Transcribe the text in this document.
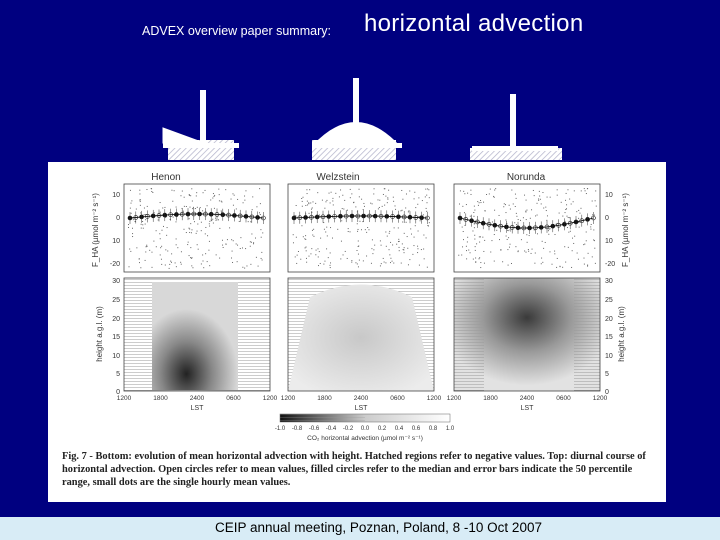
ADVEX overview paper summary: horizontal advection
Henon	Welzstein	Norunda
10
0
10
-20
10
0
10
-20
30
25
20
15
10
5
0
30
25
20
15
10
5
0
F_HA (µmol m⁻² s⁻¹)	F_HA (µmol m⁻² s⁻¹)
height a.g.l. (m)	height a.g.l. (m)
1200	1800	2400	0600	1200 1200	1800	2400	0600	1200 1200	1800	2400	0600	1200
LST	LST	LST
-1.0 -0.8 -0.6 -0.4 -0.2 0.0 0.2 0.4 0.6 0.8 1.0
CO₂ horizontal advection (µmol m⁻² s⁻¹)
Fig. 7 - Bottom: evolution of mean horizontal advection with height. Hatched regions refer to negative values. Top: diurnal course of horizontal advection. Open circles refer to mean values, filled circles refer to the median and error bars indicate the 50 percentile range, small dots are the single hourly mean values.
CEIP annual meeting, Poznan, Poland, 8 -10 Oct 2007
